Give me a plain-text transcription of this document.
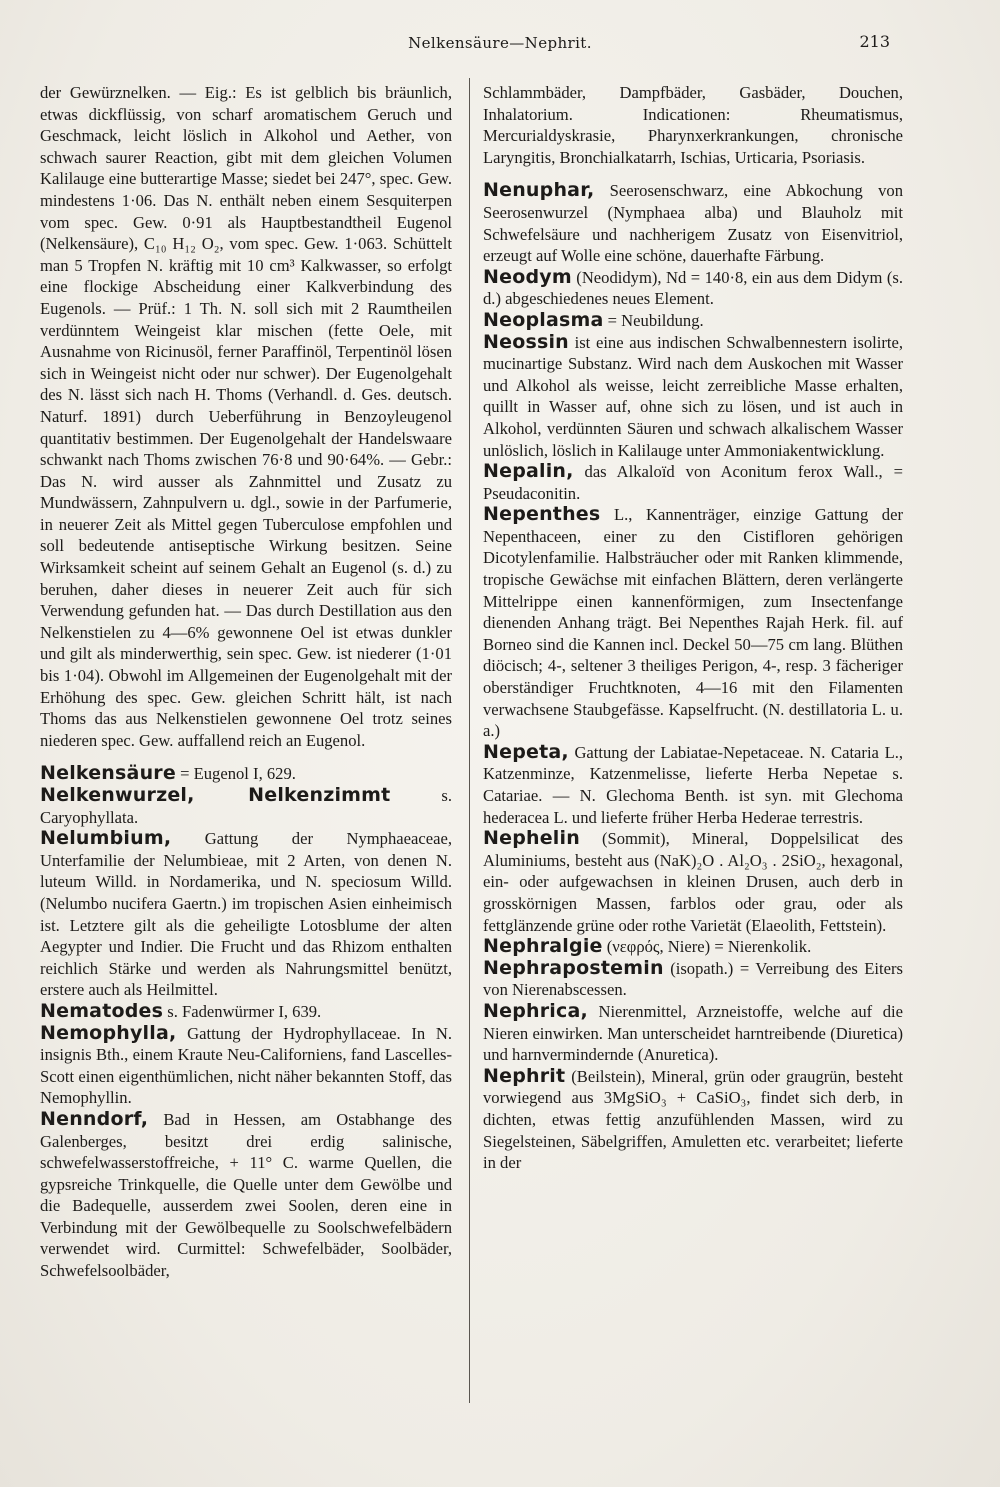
Nelkensäure—Nephrit.	213

der Gewürznelken. — Eig.: Es ist gelblich bis bräunlich, etwas dickflüssig, von scharf aromatischem Geruch und Geschmack, leicht löslich in Alkohol und Aether, von schwach saurer Reaction, gibt mit dem gleichen Volumen Kalilauge eine butterartige Masse; siedet bei 247°, spec. Gew. mindestens 1·06. Das N. enthält neben einem Sesquiterpen vom spec. Gew. 0·91 als Hauptbestandtheil Eugenol (Nelkensäure), C₁₀ H₁₂ O₂, vom spec. Gew. 1·063. Schüttelt man 5 Tropfen N. kräftig mit 10 cm³ Kalkwasser, so erfolgt eine flockige Abscheidung einer Kalkverbindung des Eugenols. — Prüf.: 1 Th. N. soll sich mit 2 Raumtheilen verdünntem Weingeist klar mischen (fette Oele, mit Ausnahme von Ricinusöl, ferner Paraffinöl, Terpentinöl lösen sich in Weingeist nicht oder nur schwer). Der Eugenolgehalt des N. lässt sich nach H. Thoms (Verhandl. d. Ges. deutsch. Naturf. 1891) durch Ueberführung in Benzoyleugenol quantitativ bestimmen. Der Eugenolgehalt der Handelswaare schwankt nach Thoms zwischen 76·8 und 90·64%. — Gebr.: Das N. wird ausser als Zahnmittel und Zusatz zu Mundwässern, Zahnpulvern u. dgl., sowie in der Parfumerie, in neuerer Zeit als Mittel gegen Tuberculose empfohlen und soll bedeutende antiseptische Wirkung besitzen. Seine Wirksamkeit scheint auf seinem Gehalt an Eugenol (s. d.) zu beruhen, daher dieses in neuerer Zeit auch für sich Verwendung gefunden hat. — Das durch Destillation aus den Nelkenstielen zu 4—6% gewonnene Oel ist etwas dunkler und gilt als minderwerthig, sein spec. Gew. ist niederer (1·01 bis 1·04). Obwohl im Allgemeinen der Eugenolgehalt mit der Erhöhung des spec. Gew. gleichen Schritt hält, ist nach Thoms das aus Nelkenstielen gewonnene Oel trotz seines niederen spec. Gew. auffallend reich an Eugenol.

Nelkensäure = Eugenol I, 629.

Nelkenwurzel, Nelkenzimmt s. Caryophyllata.

Nelumbium, Gattung der Nymphaeaceae, Unterfamilie der Nelumbieae, mit 2 Arten, von denen N. luteum Willd. in Nordamerika, und N. speciosum Willd. (Nelumbo nucifera Gaertn.) im tropischen Asien einheimisch ist. Letztere gilt als die geheiligte Lotosblume der alten Aegypter und Indier. Die Frucht und das Rhizom enthalten reichlich Stärke und werden als Nahrungsmittel benützt, erstere auch als Heilmittel.

Nematodes s. Fadenwürmer I, 639.

Nemophylla, Gattung der Hydrophyllaceae. In N. insignis Bth., einem Kraute Neu-Californiens, fand Lascelles-Scott einen eigenthümlichen, nicht näher bekannten Stoff, das Nemophyllin.

Nenndorf, Bad in Hessen, am Ostabhange des Galenberges, besitzt drei erdig salinische, schwefelwasserstoffreiche, + 11° C. warme Quellen, die gypsreiche Trinkquelle, die Quelle unter dem Gewölbe und die Badequelle, ausserdem zwei Soolen, deren eine in Verbindung mit der Gewölbequelle zu Soolschwefelbädern verwendet wird. Curmittel: Schwefelbäder, Soolbäder, Schwefelsoolbäder,

Schlammbäder, Dampfbäder, Gasbäder, Douchen, Inhalatorium. Indicationen: Rheumatismus, Mercurialdyskrasie, Pharynxerkrankungen, chronische Laryngitis, Bronchialkatarrh, Ischias, Urticaria, Psoriasis.

Nenuphar, Seerosenschwarz, eine Abkochung von Seerosenwurzel (Nymphaea alba) und Blauholz mit Schwefelsäure und nachherigem Zusatz von Eisenvitriol, erzeugt auf Wolle eine schöne, dauerhafte Färbung.

Neodym (Neodidym), Nd = 140·8, ein aus dem Didym (s. d.) abgeschiedenes neues Element.

Neoplasma = Neubildung.

Neossin ist eine aus indischen Schwalbennestern isolirte, mucinartige Substanz. Wird nach dem Auskochen mit Wasser und Alkohol als weisse, leicht zerreibliche Masse erhalten, quillt in Wasser auf, ohne sich zu lösen, und ist auch in Alkohol, verdünnten Säuren und schwach alkalischem Wasser unlöslich, löslich in Kalilauge unter Ammoniakentwicklung.

Nepalin, das Alkaloïd von Aconitum ferox Wall., = Pseudaconitin.

Nepenthes L., Kannenträger, einzige Gattung der Nepenthaceen, einer zu den Cistifloren gehörigen Dicotylenfamilie. Halbsträucher oder mit Ranken klimmende, tropische Gewächse mit einfachen Blättern, deren verlängerte Mittelrippe einen kannenförmigen, zum Insectenfange dienenden Anhang trägt. Bei Nepenthes Rajah Herk. fil. auf Borneo sind die Kannen incl. Deckel 50—75 cm lang. Blüthen diöcisch; 4-, seltener 3 theiliges Perigon, 4-, resp. 3 fächeriger oberständiger Fruchtknoten, 4—16 mit den Filamenten verwachsene Staubgefässe. Kapselfrucht. (N. destillatoria L. u. a.)

Nepeta, Gattung der Labiatae-Nepetaceae. N. Cataria L., Katzenminze, Katzenmelisse, lieferte Herba Nepetae s. Catariae. — N. Glechoma Benth. ist syn. mit Glechoma hederacea L. und lieferte früher Herba Hederae terrestris.

Nephelin (Sommit), Mineral, Doppelsilicat des Aluminiums, besteht aus (NaK)₂O . Al₂O₃ . 2SiO₂, hexagonal, ein- oder aufgewachsen in kleinen Drusen, auch derb in grosskörnigen Massen, farblos oder grau, oder als fettglänzende grüne oder rothe Varietät (Elaeolith, Fettstein).

Nephralgie (νεφρός, Niere) = Nierenkolik.

Nephrapostemin (isopath.) = Verreibung des Eiters von Nierenabscessen.

Nephrica, Nierenmittel, Arzneistoffe, welche auf die Nieren einwirken. Man unterscheidet harntreibende (Diuretica) und harnvermindernde (Anuretica).

Nephrit (Beilstein), Mineral, grün oder graugrün, besteht vorwiegend aus 3MgSiO₃ + CaSiO₃, findet sich derb, in dichten, etwas fettig anzufühlenden Massen, wird zu Siegelsteinen, Säbelgriffen, Amuletten etc. verarbeitet; lieferte in der
